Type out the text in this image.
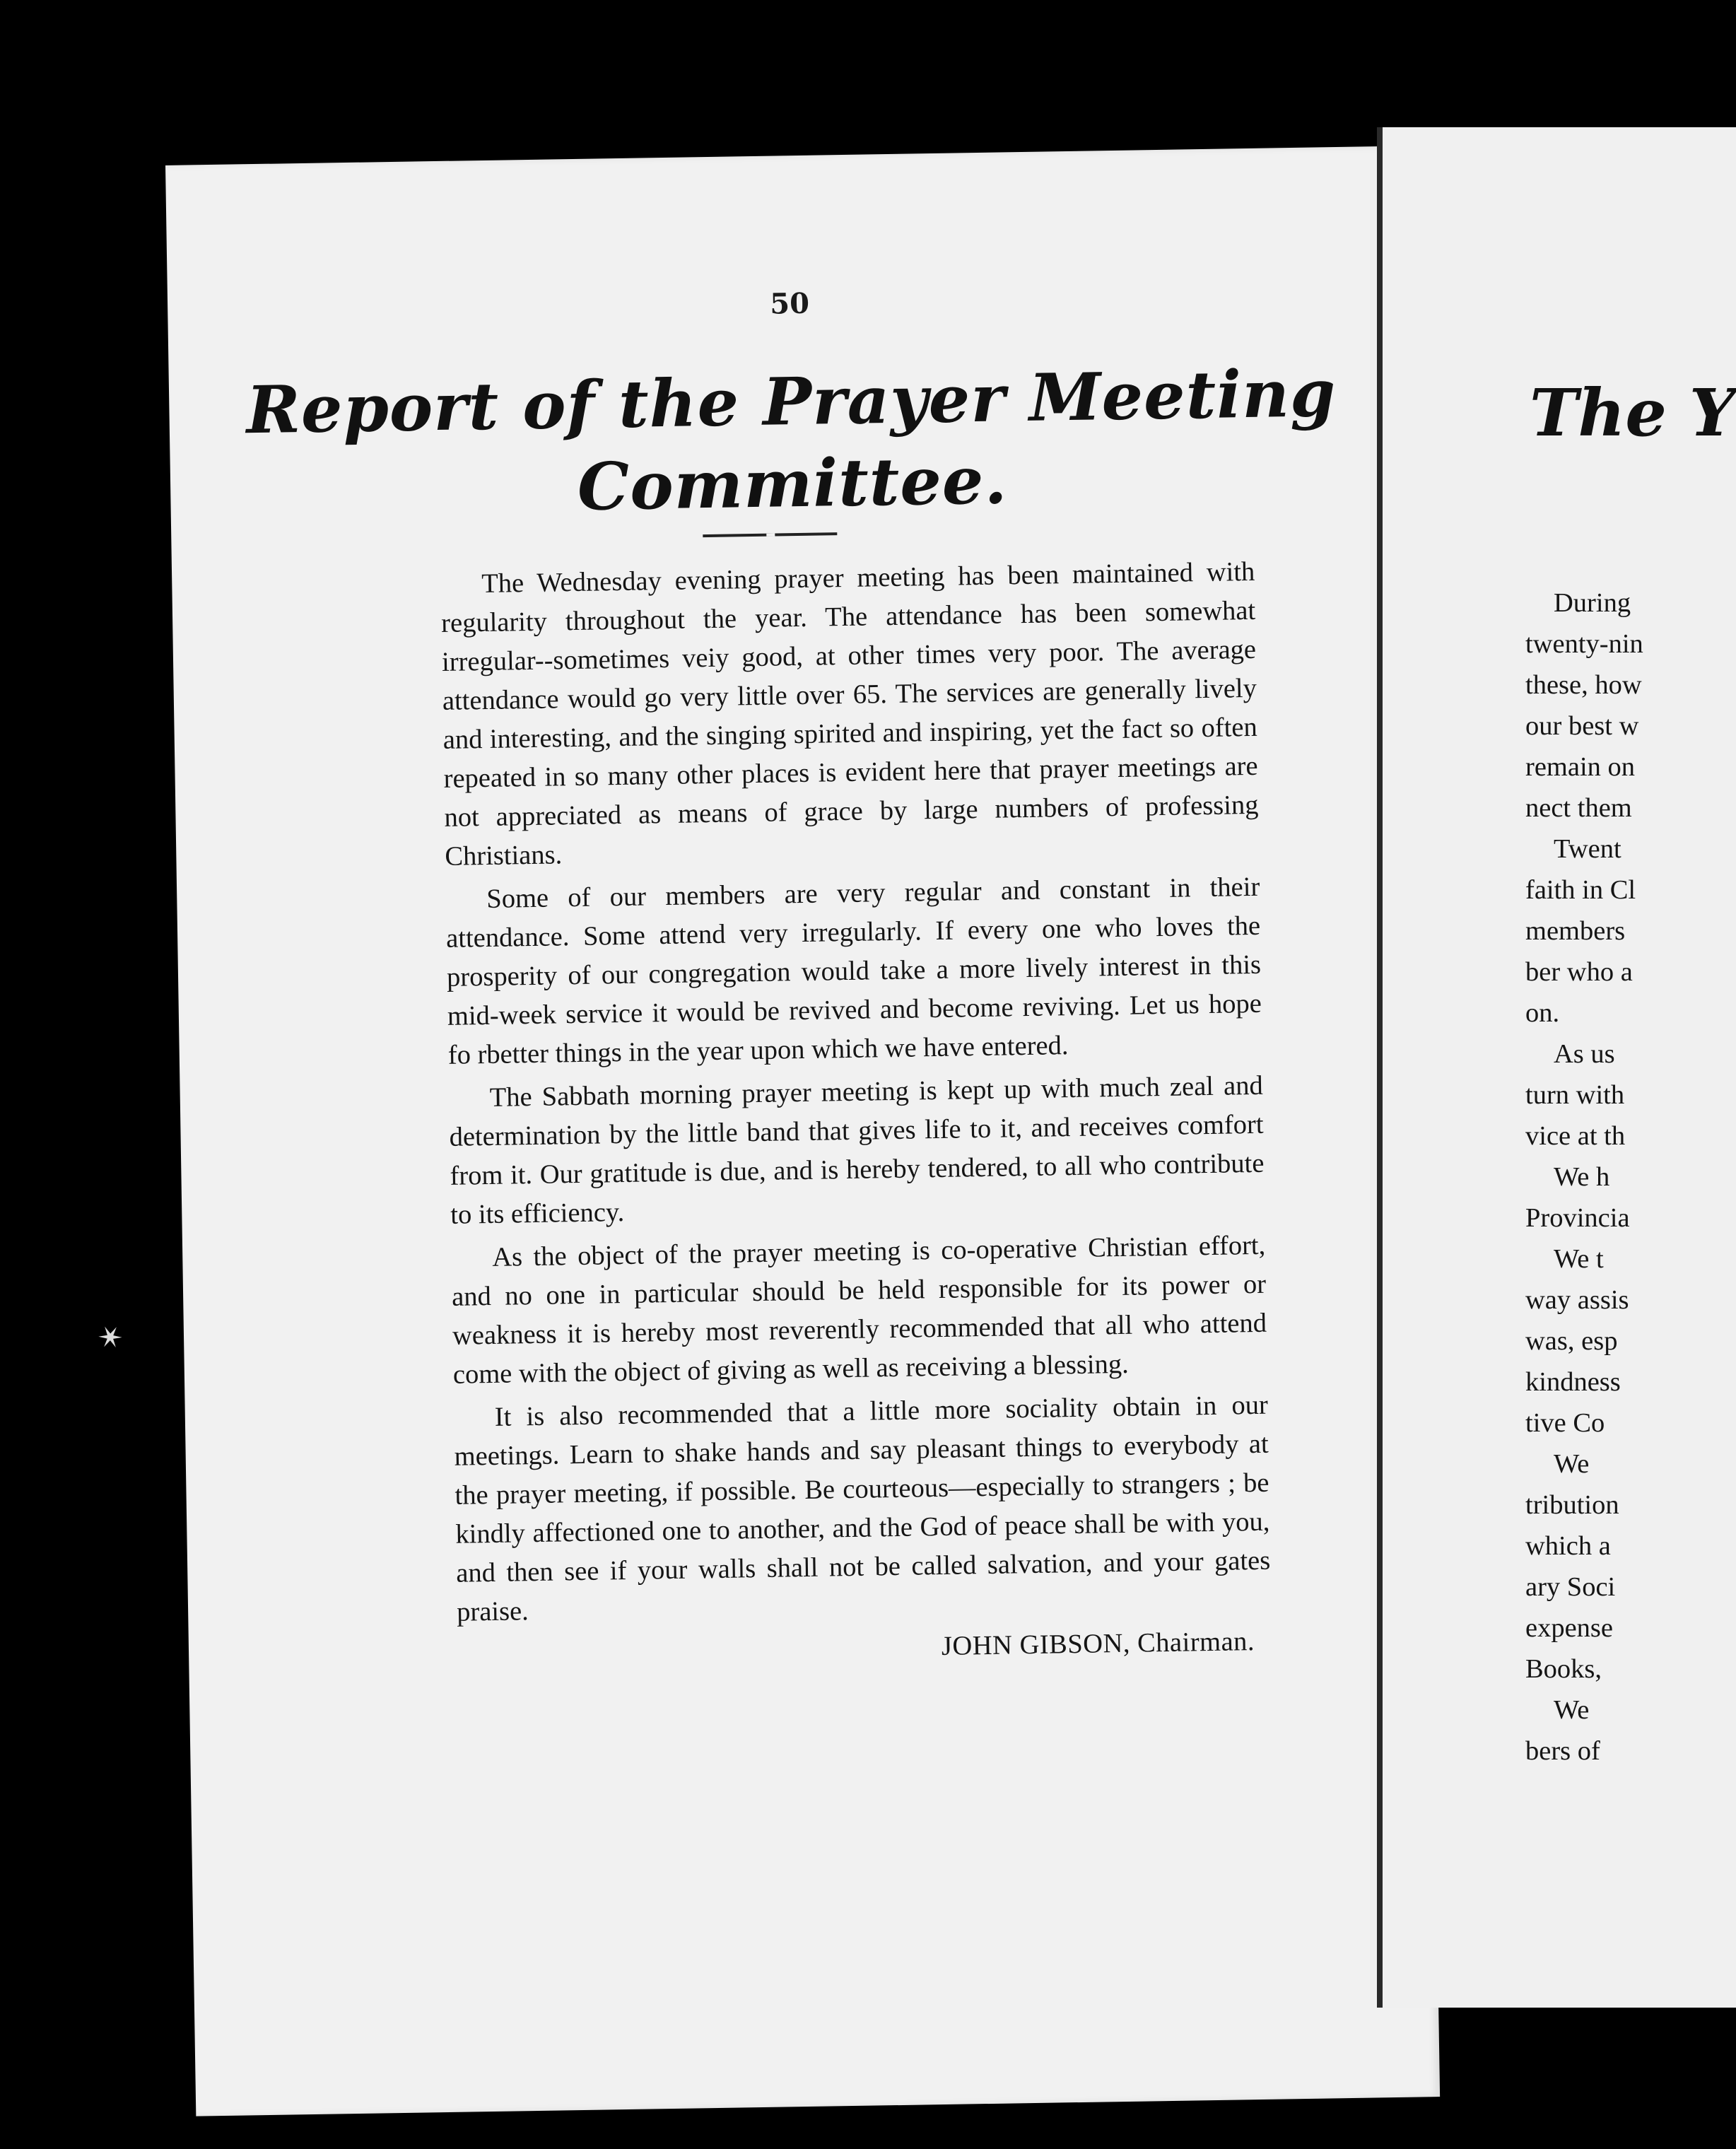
✶
50
Report of the Prayer Meeting
Committee.

The Wednesday evening prayer meeting has been maintained with regularity throughout the year. The attendance has been somewhat irregular--sometimes veiy good, at other times very poor. The average attendance would go very little over 65. The services are generally lively and interesting, and the singing spirited and inspiring, yet the fact so often repeated in so many other places is evident here that prayer meetings are not appreciated as means of grace by large numbers of professing Christians.

Some of our members are very regular and constant in their attendance. Some attend very irregularly. If every one who loves the prosperity of our congregation would take a more lively interest in this mid-week service it would be revived and become reviving. Let us hope fo rbetter things in the year upon which we have entered.

The Sabbath morning prayer meeting is kept up with much zeal and determination by the little band that gives life to it, and receives comfort from it. Our gratitude is due, and is hereby tendered, to all who contribute to its efficiency.

As the object of the prayer meeting is co-operative Christian effort, and no one in particular should be held responsible for its power or weakness it is hereby most reverently recommended that all who attend come with the object of giving as well as receiving a blessing.

It is also recommended that a little more sociality obtain in our meetings. Learn to shake hands and say pleasant things to everybody at the prayer meeting, if possible. Be courteous—especially to strangers ; be kindly affectioned one to another, and the God of peace shall be with you, and then see if your walls shall not be called salvation, and your gates praise.

JOHN GIBSON, Chairman.
The Y
During
twenty-nin
these, how
our best w
remain on
nect them
Twent
faith in Cl
members
ber who a
on.
As us
turn with
vice at th
We h
Provincia
We t
way assis
was, esp
kindness
tive Co
We
tribution
which a
ary Soci
expense
Books,
We
bers of
